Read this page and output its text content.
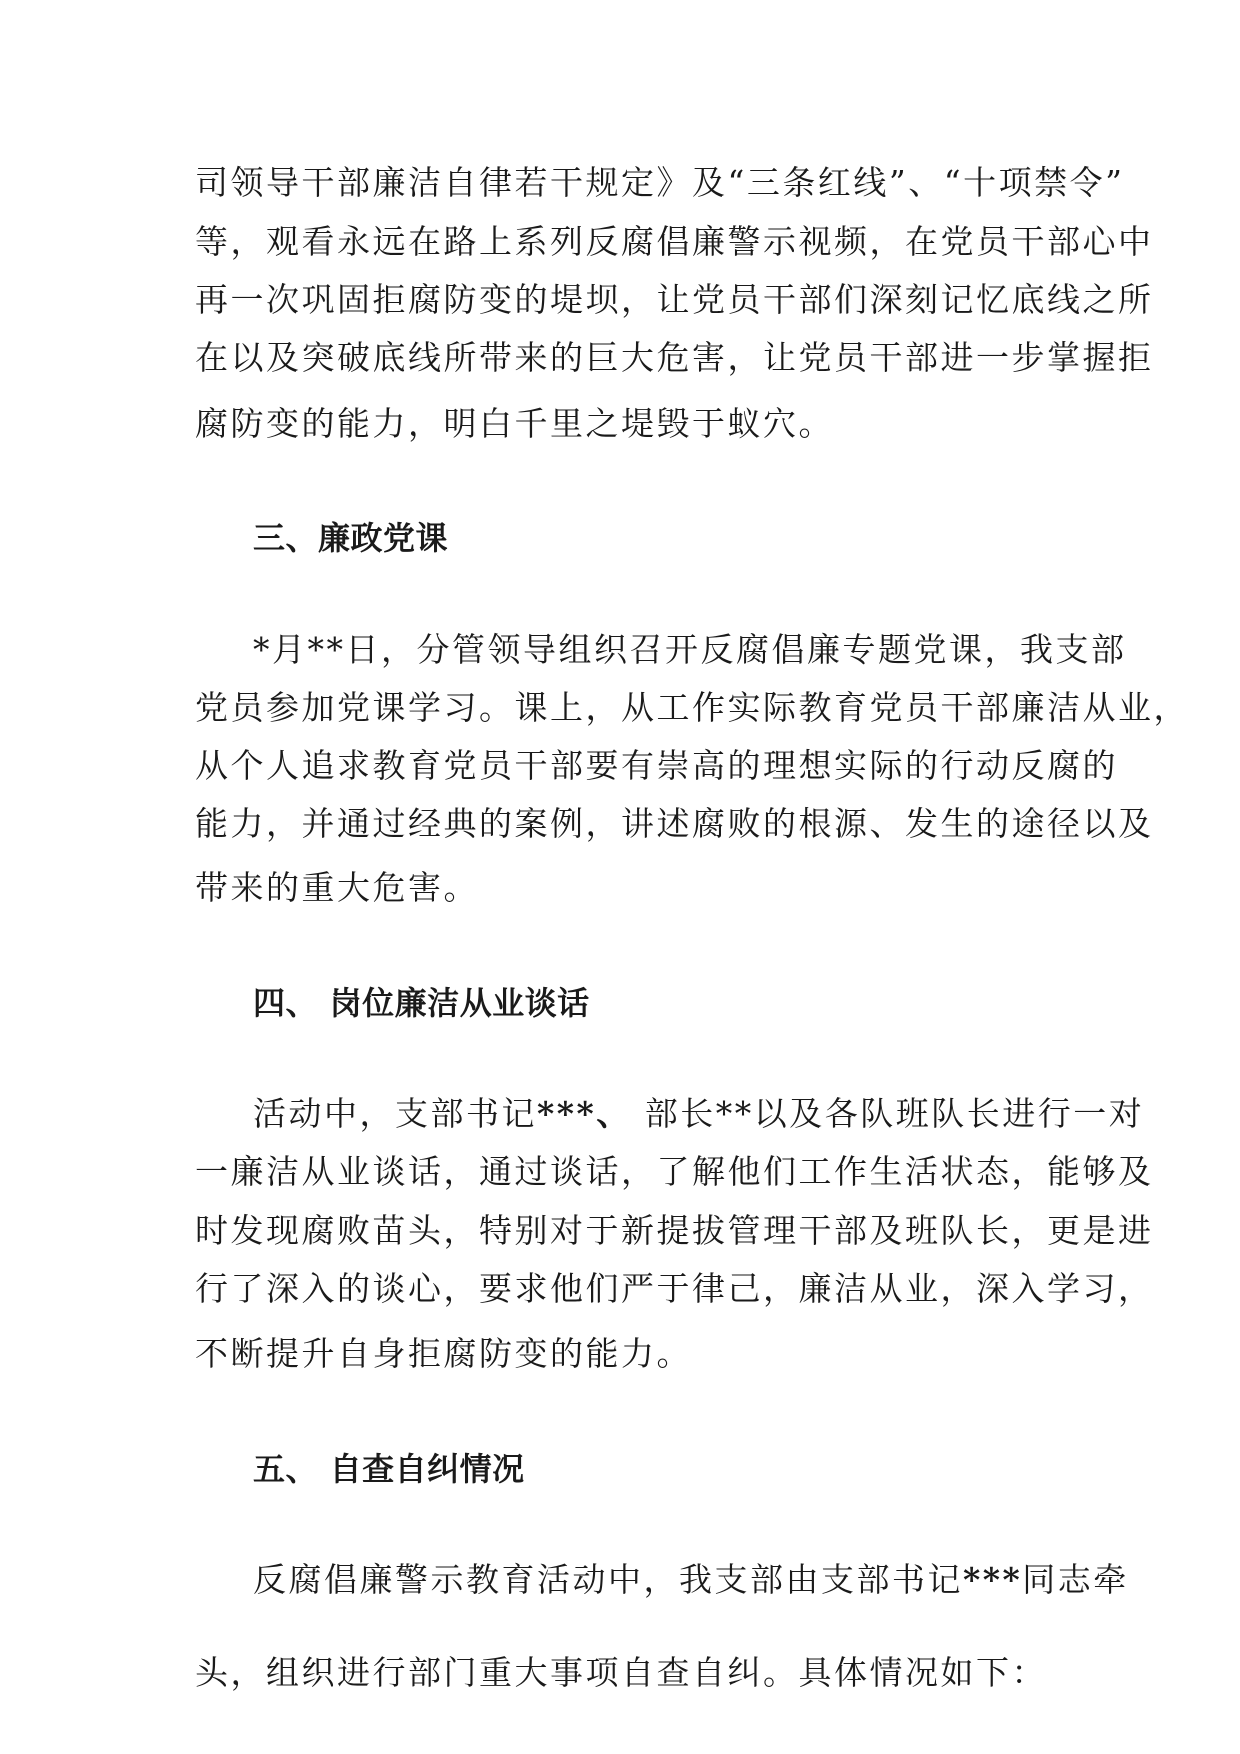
司领导干部廉洁自律若干规定》及“三条红线”、“十项禁令”
等，观看永远在路上系列反腐倡廉警示视频，在党员干部心中
再一次巩固拒腐防变的堤坝，让党员干部们深刻记忆底线之所
在以及突破底线所带来的巨大危害，让党员干部进一步掌握拒
腐防变的能力，明白千里之堤毁于蚁穴。
三、廉政党课
*月**日，分管领导组织召开反腐倡廉专题党课，我支部
党员参加党课学习。课上，从工作实际教育党员干部廉洁从业，
从个人追求教育党员干部要有崇高的理想实际的行动反腐的
能力，并通过经典的案例，讲述腐败的根源、发生的途径以及
带来的重大危害。
四、 岗位廉洁从业谈话
活动中，支部书记***、 部长**以及各队班队长进行一对
一廉洁从业谈话，通过谈话，了解他们工作生活状态，能够及
时发现腐败苗头，特别对于新提拔管理干部及班队长，更是进
行了深入的谈心，要求他们严于律己，廉洁从业，深入学习，
不断提升自身拒腐防变的能力。
五、 自查自纠情况
反腐倡廉警示教育活动中，我支部由支部书记***同志牵
头，组织进行部门重大事项自查自纠。具体情况如下：
